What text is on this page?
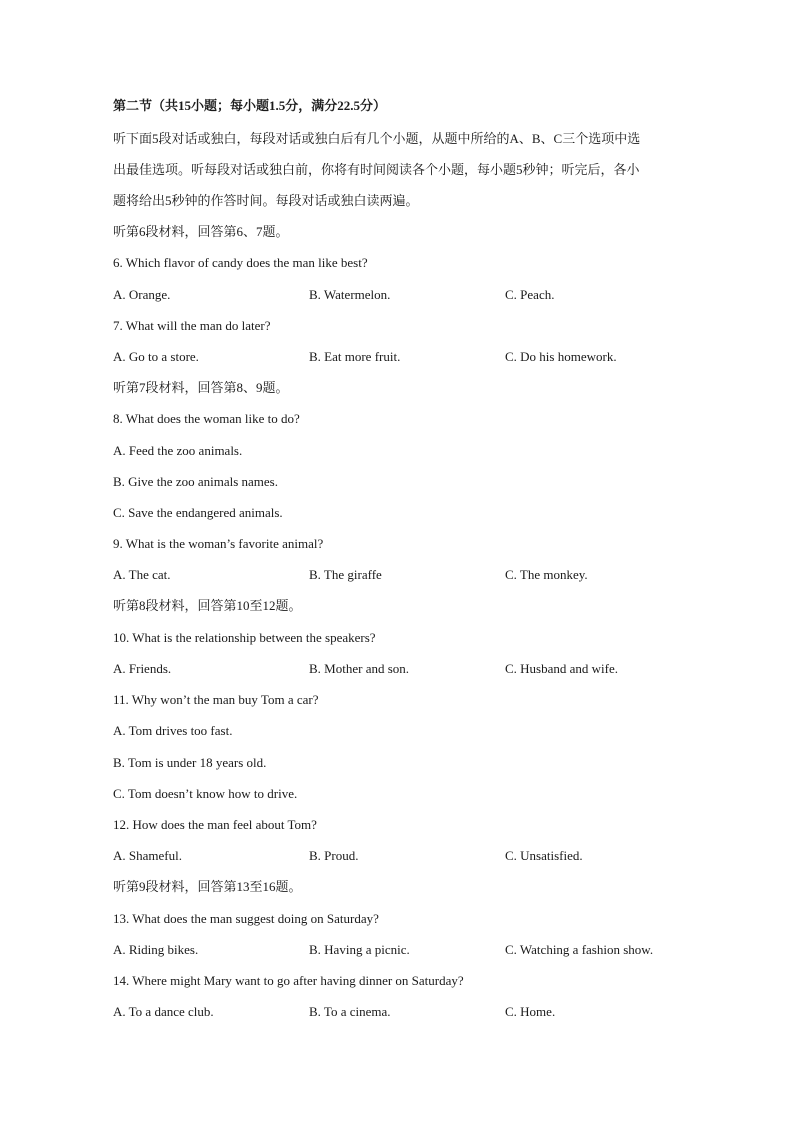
第二节（共15小题；每小题1.5分，满分22.5分）
听下面5段对话或独白，每段对话或独白后有几个小题，从题中所给的A、B、C三个选项中选
出最佳选项。听每段对话或独白前，你将有时间阅读各个小题，每小题5秒钟；听完后，各小
题将给出5秒钟的作答时间。每段对话或独白读两遍。
听第6段材料，回答第6、7题。
6. Which flavor of candy does the man like best?
A. Orange.	B. Watermelon.	C. Peach.
7. What will the man do later?
A. Go to a store.	B. Eat more fruit.	C. Do his homework.
听第7段材料，回答第8、9题。
8. What does the woman like to do?
A. Feed the zoo animals.
B. Give the zoo animals names.
C. Save the endangered animals.
9. What is the woman’s favorite animal?
A. The cat.	B. The giraffe	C. The monkey.
听第8段材料，回答第10至12题。
10. What is the relationship between the speakers?
A. Friends.	B. Mother and son.	C. Husband and wife.
11. Why won’t the man buy Tom a car?
A. Tom drives too fast.
B. Tom is under 18 years old.
C. Tom doesn’t know how to drive.
12. How does the man feel about Tom?
A. Shameful.	B. Proud.	C. Unsatisfied.
听第9段材料，回答第13至16题。
13. What does the man suggest doing on Saturday?
A. Riding bikes.	B. Having a picnic.	C. Watching a fashion show.
14. Where might Mary want to go after having dinner on Saturday?
A. To a dance club.	B. To a cinema.	C. Home.
